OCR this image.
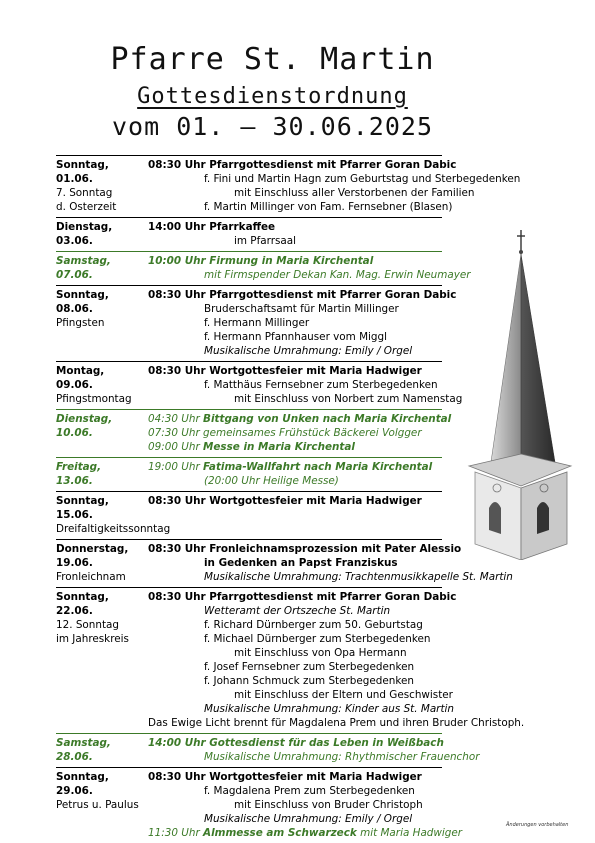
Pfarre St. Martin
Gottesdienstordnung
vom 01. – 30.06.2025
Sonntag,	08:30 Uhr Pfarrgottesdienst mit Pfarrer Goran Dabic
01.06.	f. Fini und Martin Hagn zum Geburtstag und Sterbegedenken
7. Sonntag	mit Einschluss aller Verstorbenen der Familien
d. Osterzeit	f. Martin Millinger von Fam. Fernsebner (Blasen)
Dienstag,	14:00 Uhr Pfarrkaffee
03.06.	im Pfarrsaal
Samstag,	10:00 Uhr Firmung in Maria Kirchental
07.06.	mit Firmspender Dekan Kan. Mag. Erwin Neumayer
Sonntag,	08:30 Uhr Pfarrgottesdienst mit Pfarrer Goran Dabic
08.06.	Bruderschaftsamt für Martin Millinger
Pfingsten	f. Hermann Millinger
f. Hermann Pfannhauser vom Miggl
Musikalische Umrahmung: Emily / Orgel
Montag,	08:30 Uhr Wortgottesfeier mit Maria Hadwiger
09.06.	f. Matthäus Fernsebner zum Sterbegedenken
Pfingstmontag	mit Einschluss von Norbert zum Namenstag
Dienstag,	04:30 Uhr Bittgang von Unken nach Maria Kirchental
10.06.	07:30 Uhr gemeinsames Frühstück Bäckerei Volgger
09:00 Uhr Messe in Maria Kirchental
Freitag,	19:00 Uhr Fatima-Wallfahrt nach Maria Kirchental
13.06.	(20:00 Uhr Heilige Messe)
Sonntag,	08:30 Uhr Wortgottesfeier mit Maria Hadwiger
15.06.
Dreifaltigkeitssonntag
Donnerstag, 08:30 Uhr Fronleichnamsprozession mit Pater Alessio
19.06.	in Gedenken an Papst Franziskus
Fronleichnam	Musikalische Umrahmung: Trachtenmusikkapelle St. Martin
Sonntag,	08:30 Uhr Pfarrgottesdienst mit Pfarrer Goran Dabic
22.06.	Wetteramt der Ortszeche St. Martin
12. Sonntag	f. Richard Dürnberger zum 50. Geburtstag
im Jahreskreis	f. Michael Dürnberger zum Sterbegedenken
mit Einschluss von Opa Hermann
f. Josef Fernsebner zum Sterbegedenken
f. Johann Schmuck zum Sterbegedenken
mit Einschluss der Eltern und Geschwister
Musikalische Umrahmung: Kinder aus St. Martin
Das Ewige Licht brennt für Magdalena Prem und ihren Bruder Christoph.
Samstag,	14:00 Uhr Gottesdienst für das Leben in Weißbach
28.06.	Musikalische Umrahmung: Rhythmischer Frauenchor
Sonntag,	08:30 Uhr Wortgottesfeier mit Maria Hadwiger
29.06.	f. Magdalena Prem zum Sterbegedenken
Petrus u. Paulus	mit Einschluss von Bruder Christoph
Musikalische Umrahmung: Emily / Orgel
11:30 Uhr Almmesse am Schwarzeck mit Maria Hadwiger
Änderungen vorbehalten
